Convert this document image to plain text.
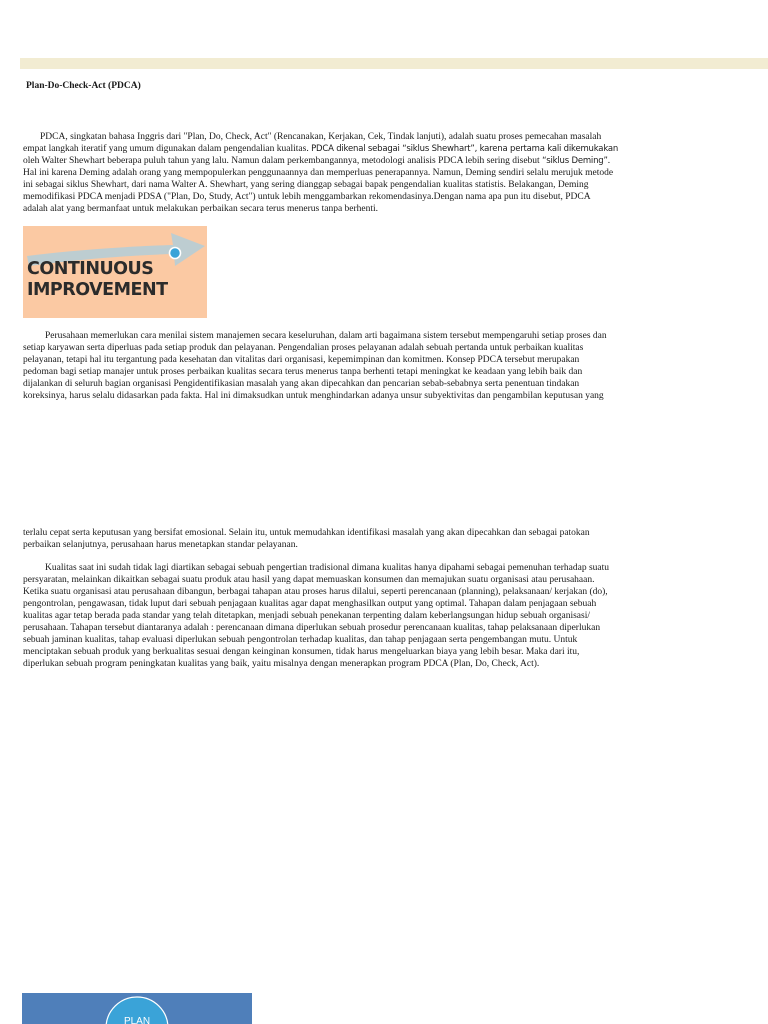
Plan-Do-Check-Act (PDCA)
PDCA, singkatan bahasa Inggris dari "Plan, Do, Check, Act" (Rencanakan, Kerjakan, Cek, Tindak lanjuti), adalah suatu proses pemecahan masalah
empat langkah iteratif yang umum digunakan dalam pengendalian kualitas. PDCA dikenal sebagai “siklus Shewhart”, karena pertama kali dikemukakan
oleh Walter Shewhart beberapa puluh tahun yang lalu. Namun dalam perkembangannya, metodologi analisis PDCA lebih sering disebut “siklus Deming”.
Hal ini karena Deming adalah orang yang mempopulerkan penggunaannya dan memperluas penerapannya. Namun, Deming sendiri selalu merujuk metode
ini sebagai siklus Shewhart, dari nama Walter A. Shewhart, yang sering dianggap sebagai bapak pengendalian kualitas statistis. Belakangan, Deming
memodifikasi PDCA menjadi PDSA ("Plan, Do, Study, Act") untuk lebih menggambarkan rekomendasinya.Dengan nama apa pun itu disebut, PDCA
adalah alat yang bermanfaat untuk melakukan perbaikan secara terus menerus tanpa berhenti.
CONTINUOUS
IMPROVEMENT
Perusahaan memerlukan cara menilai sistem manajemen secara keseluruhan, dalam arti bagaimana sistem tersebut mempengaruhi setiap proses dan
setiap karyawan serta diperluas pada setiap produk dan pelayanan. Pengendalian proses pelayanan adalah sebuah pertanda untuk perbaikan kualitas
pelayanan, tetapi hal itu tergantung pada kesehatan dan vitalitas dari organisasi, kepemimpinan dan komitmen. Konsep PDCA tersebut merupakan
pedoman bagi setiap manajer untuk proses perbaikan kualitas secara terus menerus tanpa berhenti tetapi meningkat ke keadaan yang lebih baik dan
dijalankan di seluruh bagian organisasi Pengidentifikasian masalah yang akan dipecahkan dan pencarian sebab-sebabnya serta penentuan tindakan
koreksinya, harus selalu didasarkan pada fakta. Hal ini dimaksudkan untuk menghindarkan adanya unsur subyektivitas dan pengambilan keputusan yang
terlalu cepat serta keputusan yang bersifat emosional. Selain itu, untuk memudahkan identifikasi masalah yang akan dipecahkan dan sebagai patokan
perbaikan selanjutnya, perusahaan harus menetapkan standar pelayanan.
Kualitas saat ini sudah tidak lagi diartikan sebagai sebuah pengertian tradisional dimana kualitas hanya dipahami sebagai pemenuhan terhadap suatu
persyaratan, melainkan dikaitkan sebagai suatu produk atau hasil yang dapat memuaskan konsumen dan memajukan suatu organisasi atau perusahaan.
Ketika suatu organisasi atau perusahaan dibangun, berbagai tahapan atau proses harus dilalui, seperti perencanaan (planning), pelaksanaan/ kerjakan (do),
pengontrolan, pengawasan, tidak luput dari sebuah penjagaan kualitas agar dapat menghasilkan output yang optimal. Tahapan dalam penjagaan sebuah
kualitas agar tetap berada pada standar yang telah ditetapkan, menjadi sebuah penekanan terpenting dalam keberlangsungan hidup sebuah organisasi/
perusahaan. Tahapan tersebut diantaranya adalah : perencanaan dimana diperlukan sebuah prosedur perencanaan kualitas, tahap pelaksanaan diperlukan
sebuah jaminan kualitas, tahap evaluasi diperlukan sebuah pengontrolan terhadap kualitas, dan tahap penjagaan serta pengembangan mutu. Untuk
menciptakan sebuah produk yang berkualitas sesuai dengan keinginan konsumen, tidak harus mengeluarkan biaya yang lebih besar. Maka dari itu,
diperlukan sebuah program peningkatan kualitas yang baik, yaitu misalnya dengan menerapkan program PDCA (Plan, Do, Check, Act).
PLAN
